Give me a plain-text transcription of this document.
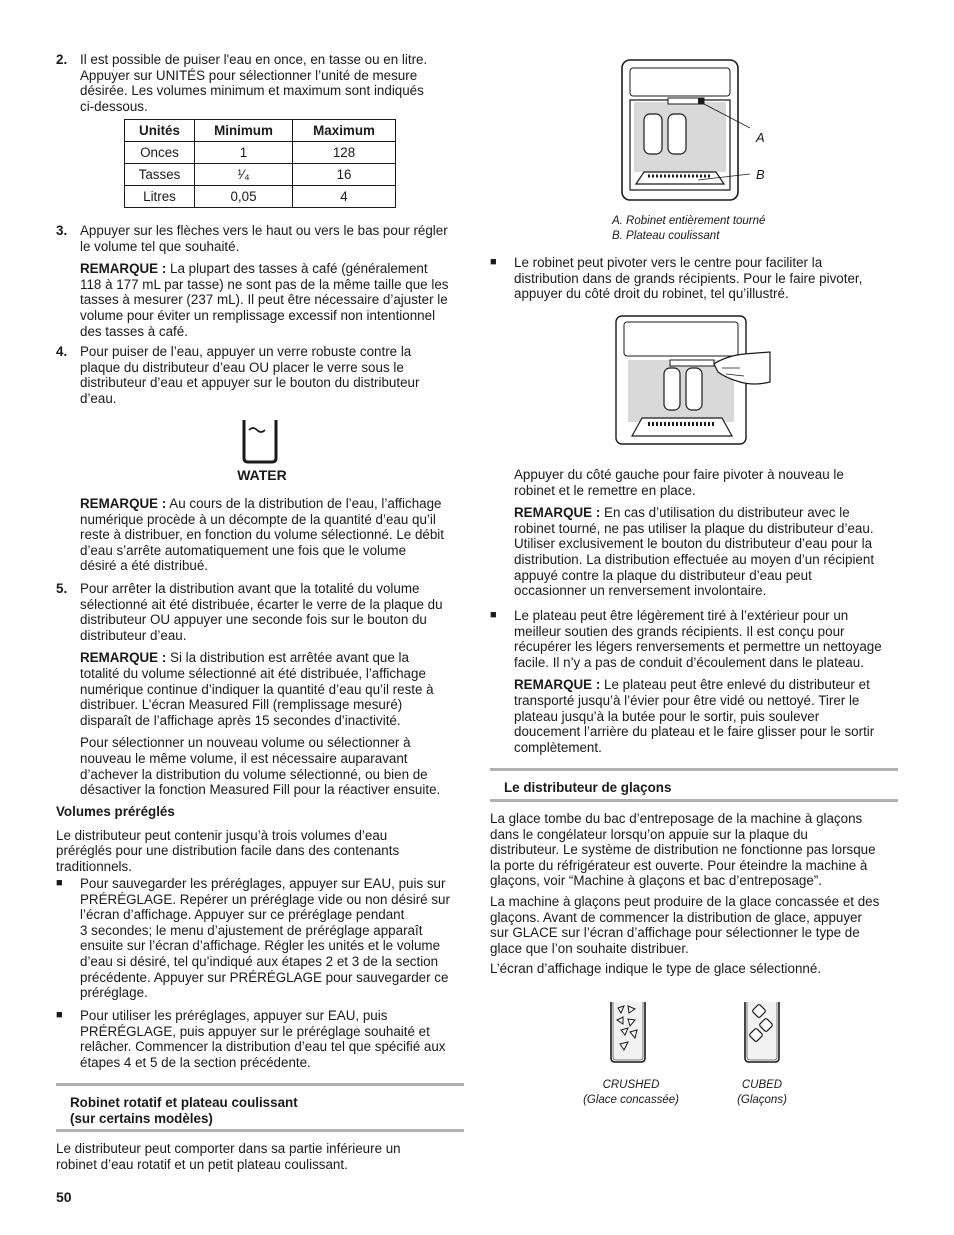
2. Il est possible de puiser l'eau en once, en tasse ou en litre.

Appuyer sur UNITÉS pour sélectionner l’unité de mesure

désirée. Les volumes minimum et maximum sont indiqués

ci-dessous.

Unités	Minimum	Maximum
Onces	1	128
Tasses	¹⁄₄	16
Litres	0,05	4
3. Appuyer sur les flèches vers le haut ou vers le bas pour régler

le volume tel que souhaité.

REMARQUE : La plupart des tasses à café (généralement

118 à 177 mL par tasse) ne sont pas de la même taille que les

tasses à mesurer (237 mL). Il peut être nécessaire d’ajuster le

volume pour éviter un remplissage excessif non intentionnel

des tasses à café.

4. Pour puiser de l’eau, appuyer un verre robuste contre la

plaque du distributeur d’eau OU placer le verre sous le

distributeur d’eau et appuyer sur le bouton du distributeur

d’eau.

WATER

REMARQUE : Au cours de la distribution de l’eau, l’affichage

numérique procède à un décompte de la quantité d’eau qu’il

reste à distribuer, en fonction du volume sélectionné. Le débit

d’eau s’arrête automatiquement une fois que le volume

désiré a été distribué.

5. Pour arrêter la distribution avant que la totalité du volume

sélectionné ait été distribuée, écarter le verre de la plaque du

distributeur OU appuyer une seconde fois sur le bouton du

distributeur d’eau.

REMARQUE : Si la distribution est arrêtée avant que la

totalité du volume sélectionné ait été distribuée, l’affichage

numérique continue d’indiquer la quantité d’eau qu’il reste à

distribuer. L’écran Measured Fill (remplissage mesuré)

disparaît de l’affichage après 15 secondes d’inactivité.

Pour sélectionner un nouveau volume ou sélectionner à

nouveau le même volume, il est nécessaire auparavant

d’achever la distribution du volume sélectionné, ou bien de

désactiver la fonction Measured Fill pour la réactiver ensuite.

Volumes préréglés

Le distributeur peut contenir jusqu’à trois volumes d’eau

préréglés pour une distribution facile dans des contenants

traditionnels.

■ Pour sauvegarder les préréglages, appuyer sur EAU, puis sur

PRÉRÉGLAGE. Repérer un préréglage vide ou non désiré sur

l’écran d’affichage. Appuyer sur ce préréglage pendant

3 secondes; le menu d’ajustement de préréglage apparaît

ensuite sur l’écran d’affichage. Régler les unités et le volume

d’eau si désiré, tel qu’indiqué aux étapes 2 et 3 de la section

précédente. Appuyer sur PRÉRÉGLAGE pour sauvegarder ce

préréglage.

■ Pour utiliser les préréglages, appuyer sur EAU, puis

PRÉRÉGLAGE, puis appuyer sur le préréglage souhaité et

relâcher. Commencer la distribution d’eau tel que spécifié aux

étapes 4 et 5 de la section précédente.

Robinet rotatif et plateau coulissant

(sur certains modèles)

Le distributeur peut comporter dans sa partie inférieure un

robinet d’eau rotatif et un petit plateau coulissant.

50
A
B

A. Robinet entièrement tourné

B. Plateau coulissant

■ Le robinet peut pivoter vers le centre pour faciliter la

distribution dans de grands récipients. Pour le faire pivoter,

appuyer du côté droit du robinet, tel qu’illustré.

Appuyer du côté gauche pour faire pivoter à nouveau le

robinet et le remettre en place.

REMARQUE : En cas d’utilisation du distributeur avec le

robinet tourné, ne pas utiliser la plaque du distributeur d’eau.

Utiliser exclusivement le bouton du distributeur d’eau pour la

distribution. La distribution effectuée au moyen d’un récipient

appuyé contre la plaque du distributeur d’eau peut

occasionner un renversement involontaire.

■ Le plateau peut être légèrement tiré à l’extérieur pour un

meilleur soutien des grands récipients. Il est conçu pour

récupérer les légers renversements et permettre un nettoyage

facile. Il n’y a pas de conduit d’écoulement dans le plateau.

REMARQUE : Le plateau peut être enlevé du distributeur et

transporté jusqu’à l’évier pour être vidé ou nettoyé. Tirer le

plateau jusqu’à la butée pour le sortir, puis soulever

doucement l’arrière du plateau et le faire glisser pour le sortir

complètement.

Le distributeur de glaçons

La glace tombe du bac d’entreposage de la machine à glaçons

dans le congélateur lorsqu’on appuie sur la plaque du

distributeur. Le système de distribution ne fonctionne pas lorsque

la porte du réfrigérateur est ouverte. Pour éteindre la machine à

glaçons, voir “Machine à glaçons et bac d’entreposage”.

La machine à glaçons peut produire de la glace concassée et des

glaçons. Avant de commencer la distribution de glace, appuyer

sur GLACE sur l’écran d’affichage pour sélectionner le type de

glace que l’on souhaite distribuer.

L’écran d’affichage indique le type de glace sélectionné.

CRUSHED

(Glace concassée)

CUBED

(Glaçons)
